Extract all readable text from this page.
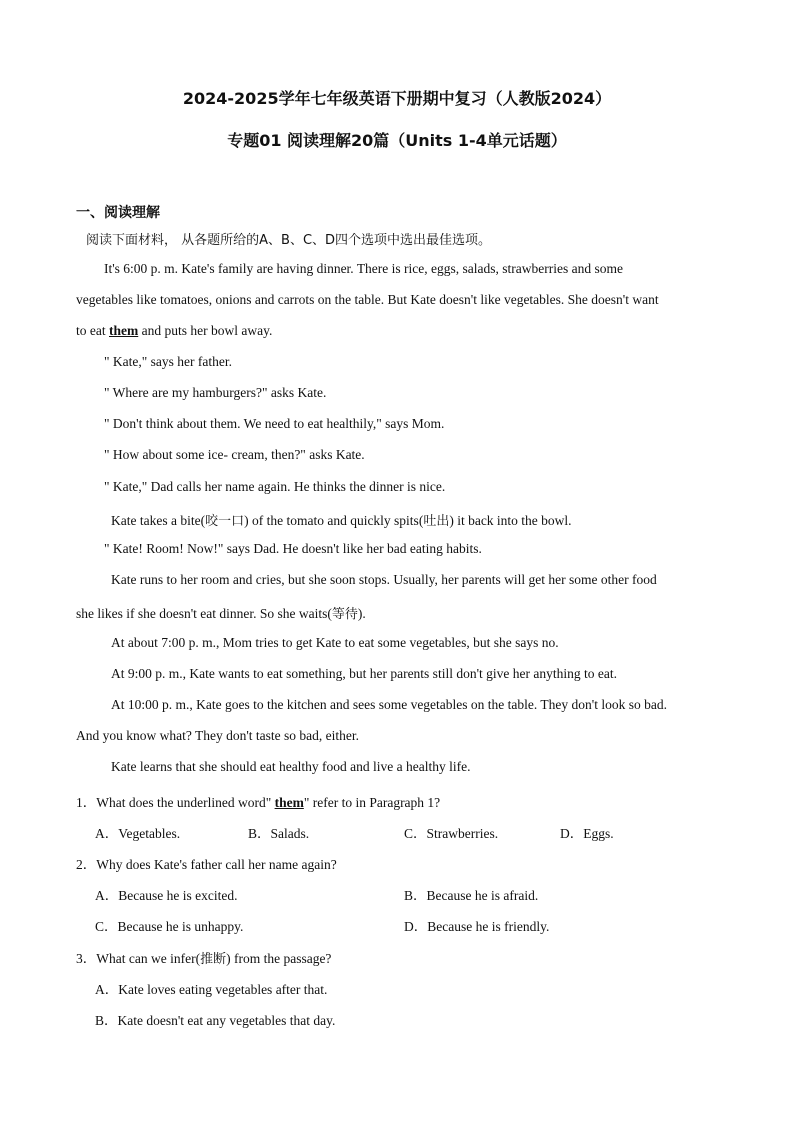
2024-2025学年七年级英语下册期中复习（人教版2024）
专题01 阅读理解20篇（Units 1-4单元话题）
一、阅读理解
阅读下面材料， 从各题所给的A、B、C、D四个选项中选出最佳选项。
It's 6:00 p. m. Kate's family are having dinner. There is rice, eggs, salads, strawberries and some
vegetables like tomatoes, onions and carrots on the table. But Kate doesn't like vegetables. She doesn't want
to eat them and puts her bowl away.
" Kate," says her father.
" Where are my hamburgers?" asks Kate.
" Don't think about them. We need to eat healthily," says Mom.
" How about some ice- cream, then?" asks Kate.
" Kate," Dad calls her name again. He thinks the dinner is nice.
Kate takes a bite(咬一口) of the tomato and quickly spits(吐出) it back into the bowl.
" Kate! Room! Now!" says Dad. He doesn't like her bad eating habits.
Kate runs to her room and cries, but she soon stops. Usually, her parents will get her some other food
she likes if she doesn't eat dinner. So she waits(等待).
At about 7:00 p. m., Mom tries to get Kate to eat some vegetables, but she says no.
At 9:00 p. m., Kate wants to eat something, but her parents still don't give her anything to eat.
At 10:00 p. m., Kate goes to the kitchen and sees some vegetables on the table. They don't look so bad.
And you know what? They don't taste so bad, either.
Kate learns that she should eat healthy food and live a healthy life.
1．What does the underlined word" them" refer to in Paragraph 1?
A．Vegetables.	B．Salads.	C．Strawberries.	D．Eggs.
2．Why does Kate's father call her name again?
A．Because he is excited.	B．Because he is afraid.
C．Because he is unhappy.	D．Because he is friendly.
3．What can we infer(推断) from the passage?
A．Kate loves eating vegetables after that.
B．Kate doesn't eat any vegetables that day.
